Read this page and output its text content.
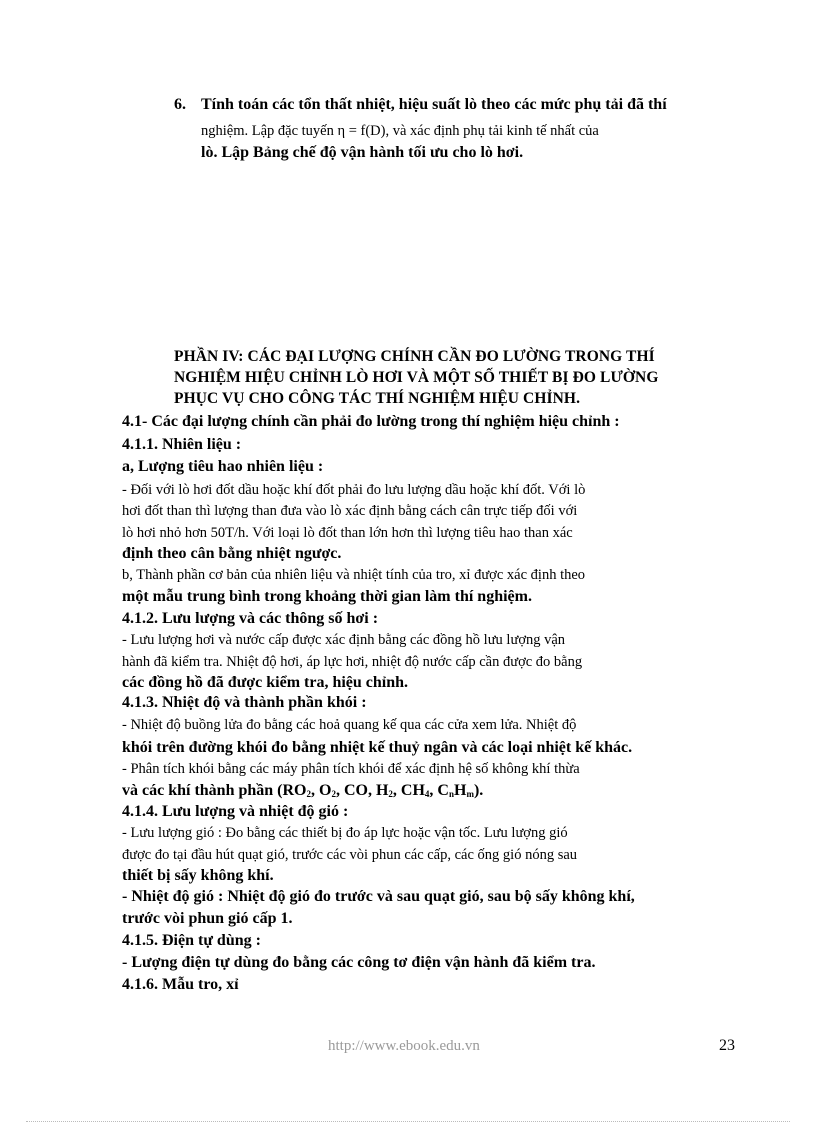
6. Tính toán các tổn thất nhiệt, hiệu suất lò theo các mức phụ tải đã thí
nghiệm. Lập đặc tuyến η = f(D), và xác định phụ tải kinh tế nhất của
lò. Lập Bảng chế độ vận hành tối ưu cho lò hơi.
PHẦN IV: CÁC ĐẠI LƯỢNG CHÍNH CẦN ĐO LƯỜNG TRONG THÍ
NGHIỆM HIỆU CHỈNH LÒ HƠI VÀ MỘT SỐ THIẾT BỊ ĐO LƯỜNG
PHỤC VỤ CHO CÔNG TÁC THÍ NGHIỆM HIỆU CHỈNH.
4.1- Các đại lượng chính cần phải đo lường trong thí nghiệm hiệu chỉnh :
4.1.1. Nhiên liệu :
a, Lượng tiêu hao nhiên liệu :
- Đối với lò hơi đốt dầu hoặc khí đốt phải đo lưu lượng dầu hoặc khí đốt. Với lò
hơi đốt than thì lượng than đưa vào lò xác định bằng cách cân trực tiếp đối với
lò hơi nhỏ hơn 50T/h. Với loại lò đốt than lớn hơn thì lượng tiêu hao than xác
định theo cân bằng nhiệt ngược.
b, Thành phần cơ bản của nhiên liệu và nhiệt tính của tro, xỉ được xác định theo
một mẫu trung bình trong khoảng thời gian làm thí nghiệm.
4.1.2. Lưu lượng và các thông số hơi :
- Lưu lượng hơi và nước cấp được xác định bằng các đồng hồ lưu lượng vận
hành đã kiểm tra. Nhiệt độ hơi, áp lực hơi, nhiệt độ nước cấp cần được đo bằng
các đồng hồ đã được kiểm tra, hiệu chỉnh.
4.1.3. Nhiệt độ và thành phần khói :
- Nhiệt độ buồng lửa đo bằng các hoả quang kế qua các cửa xem lửa. Nhiệt độ
khói trên đường khói đo bằng nhiệt kế thuỷ ngân và các loại nhiệt kế khác.
- Phân tích khói bằng các máy phân tích khói để xác định hệ số không khí thừa
và các khí thành phần ($RO_2$, $O_2$, CO, $H_2$, $CH_4$, $C_nH_m$).
4.1.4. Lưu lượng và nhiệt độ gió :
- Lưu lượng gió : Đo bằng các thiết bị đo áp lực hoặc vận tốc. Lưu lượng gió
được đo tại đầu hút quạt gió, trước các vòi phun các cấp, các ống gió nóng sau
thiết bị sấy không khí.
- Nhiệt độ gió : Nhiệt độ gió đo trước và sau quạt gió, sau bộ sấy không khí,
trước vòi phun gió cấp 1.
4.1.5. Điện tự dùng :
- Lượng điện tự dùng đo bằng các công tơ điện vận hành đã kiểm tra.
4.1.6. Mẫu tro, xỉ
http://www.ebook.edu.vn	23
